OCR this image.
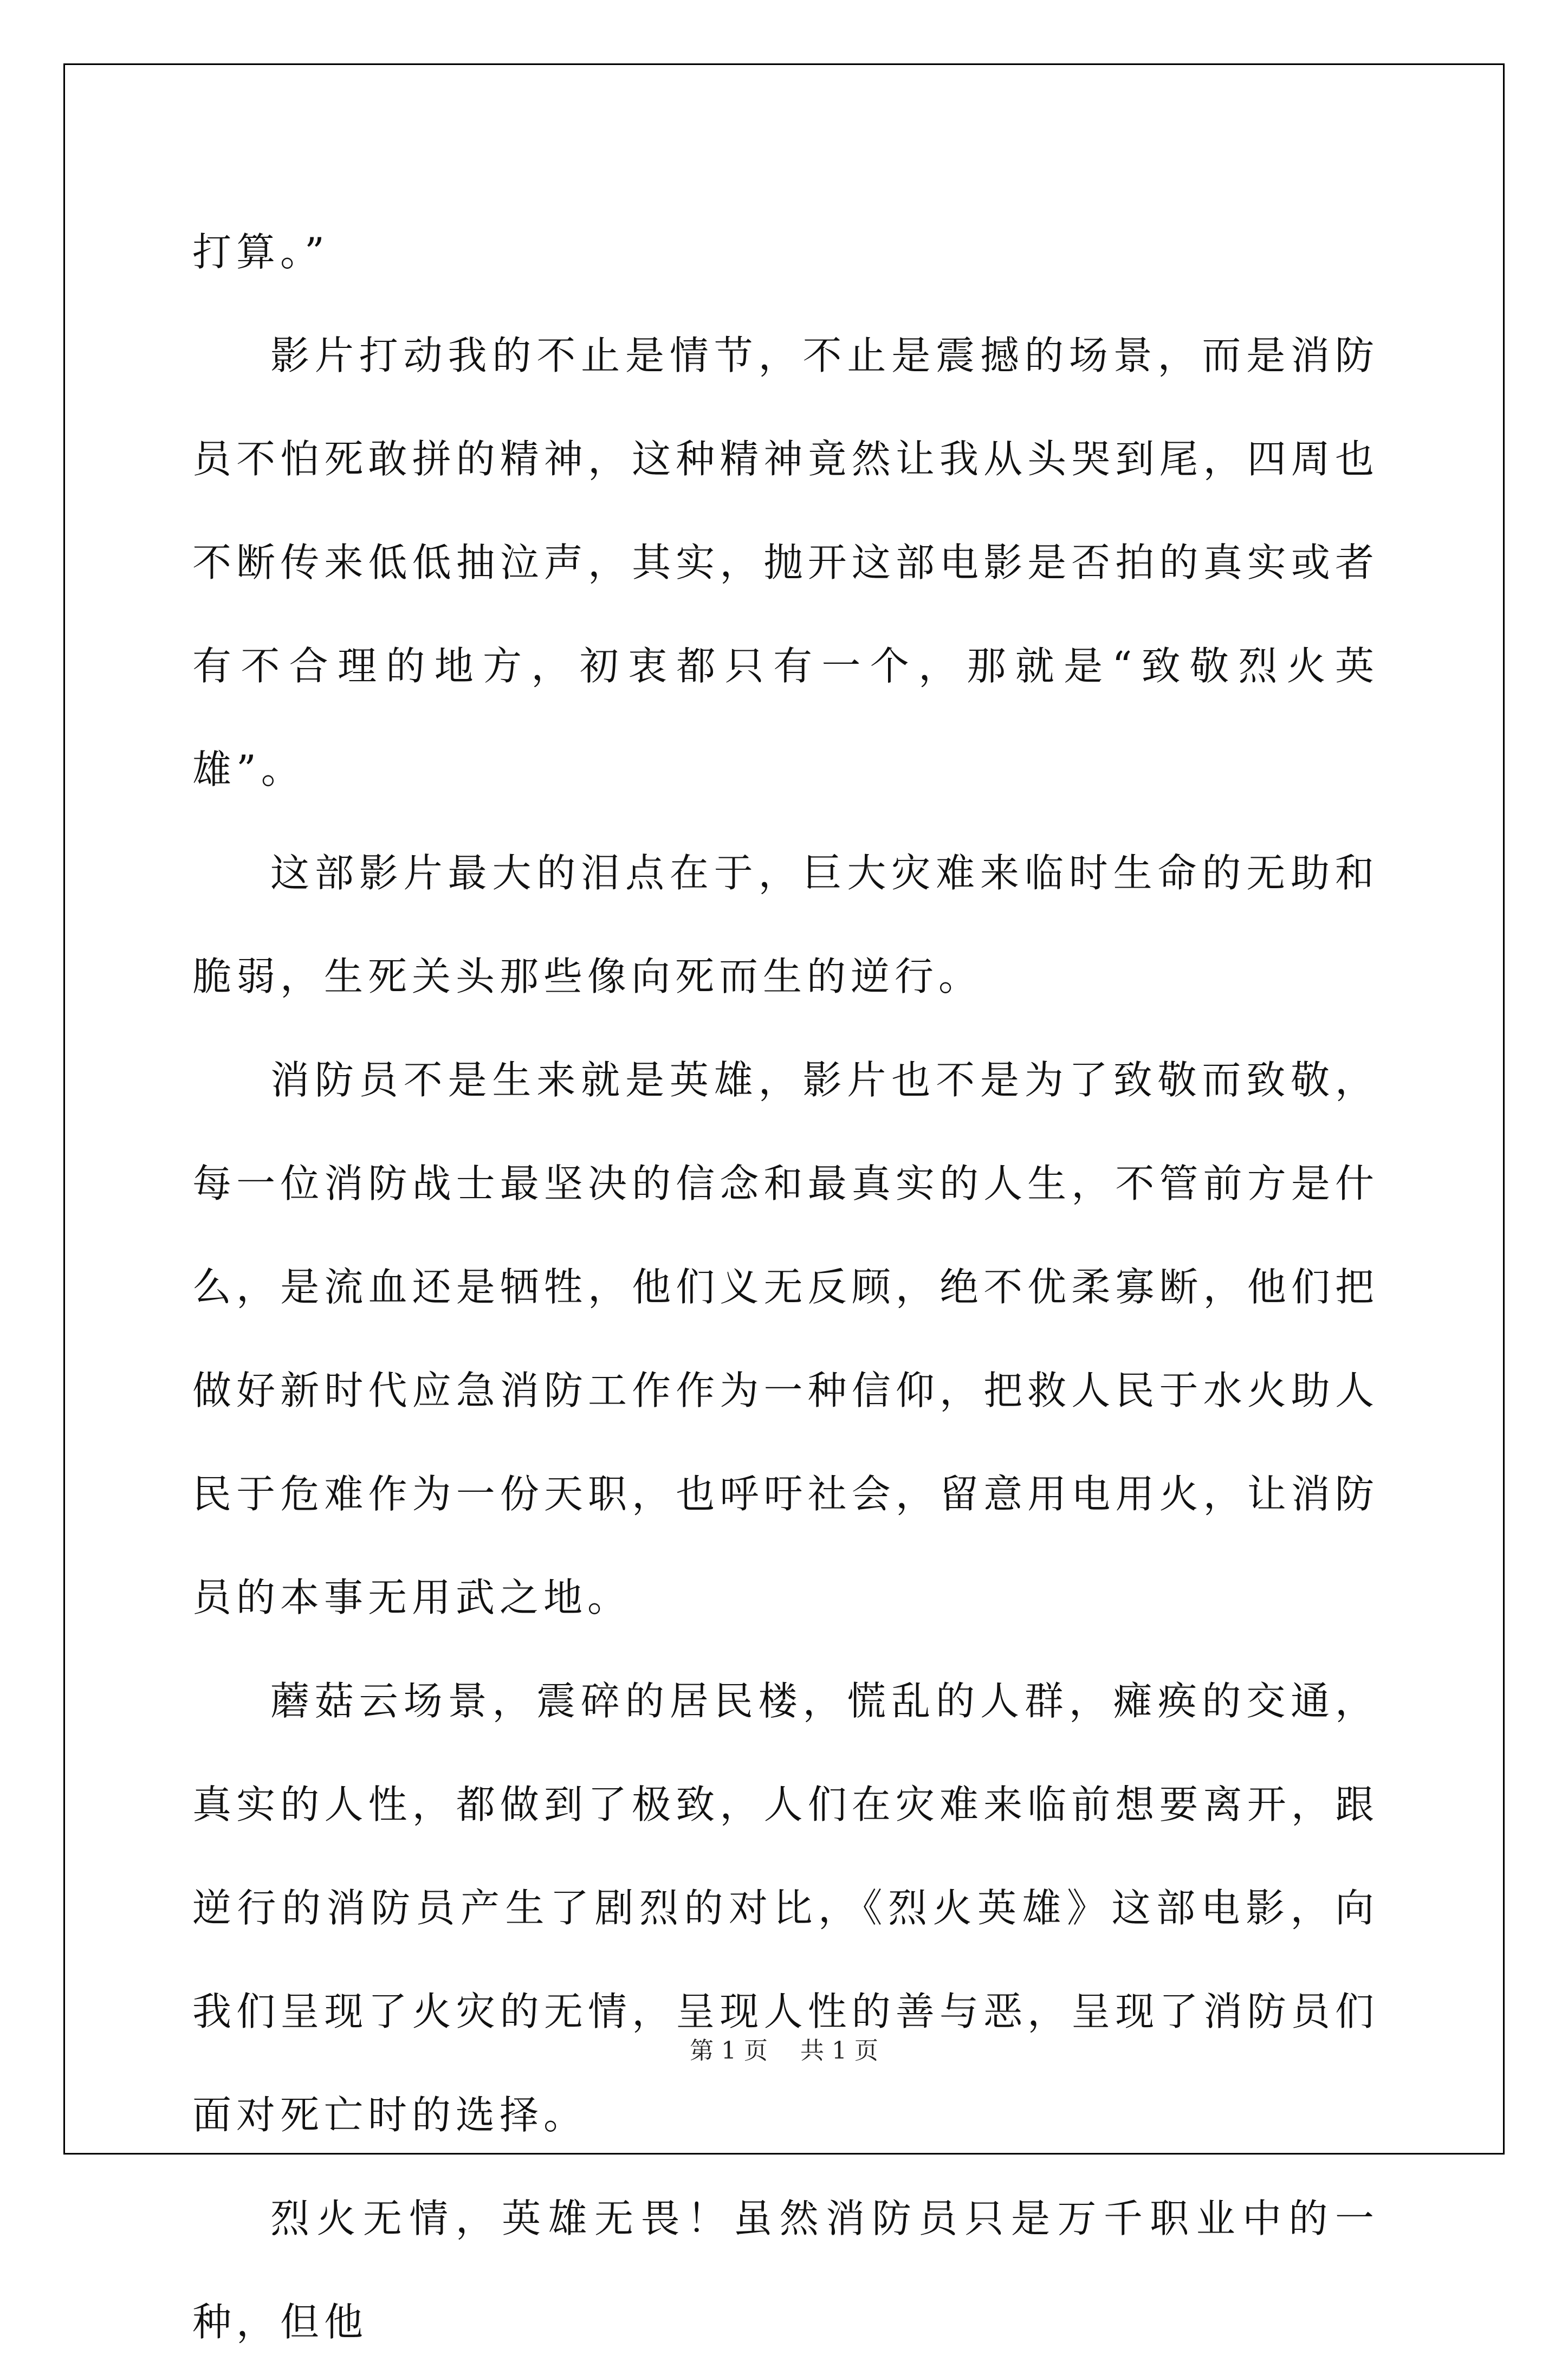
打算。”

影片打动我的不止是情节，不止是震撼的场景，而是消防员不怕死敢拼的精神，这种精神竟然让我从头哭到尾，四周也不断传来低低抽泣声，其实，抛开这部电影是否拍的真实或者有不合理的地方，初衷都只有一个，那就是“致敬烈火英雄”。

这部影片最大的泪点在于，巨大灾难来临时生命的无助和脆弱，生死关头那些像向死而生的逆行。

消防员不是生来就是英雄，影片也不是为了致敬而致敬，每一位消防战士最坚决的信念和最真实的人生，不管前方是什么，是流血还是牺牲，他们义无反顾，绝不优柔寡断，他们把做好新时代应急消防工作作为一种信仰，把救人民于水火助人民于危难作为一份天职，也呼吁社会，留意用电用火，让消防员的本事无用武之地。

蘑菇云场景，震碎的居民楼，慌乱的人群，瘫痪的交通，真实的人性，都做到了极致，人们在灾难来临前想要离开，跟逆行的消防员产生了剧烈的对比，《烈火英雄》这部电影，向我们呈现了火灾的无情，呈现人性的善与恶，呈现了消防员们面对死亡时的选择。

烈火无情，英雄无畏！虽然消防员只是万千职业中的一种，但他

第 1 页 共 1 页
